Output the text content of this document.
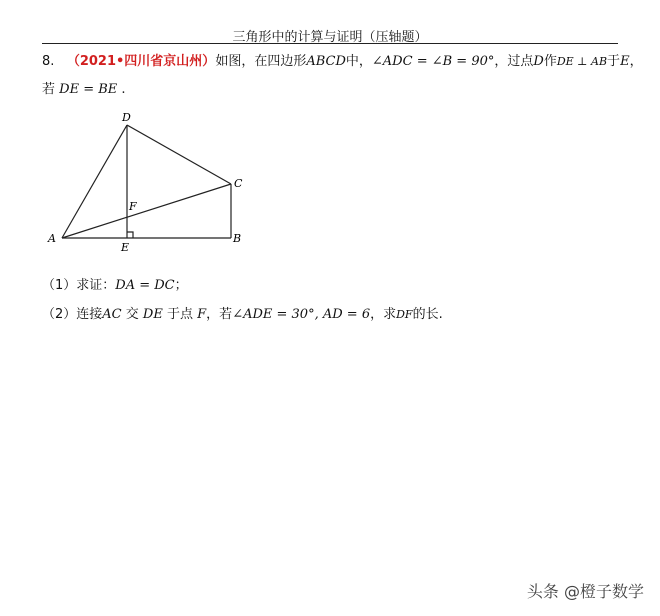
三角形中的计算与证明（压轴题）
8. （2021•四川省京山州）如图，在四边形ABCD中，∠ADC = ∠B = 90°，过点D作DE ⊥ AB于E，
若 DE = BE .
A	B
C
D
E
F
（1）求证：DA = DC；
（2）连接AC 交 DE 于点 F，若∠ADE = 30°, AD = 6，求DF的长.
头条 @橙子数学
